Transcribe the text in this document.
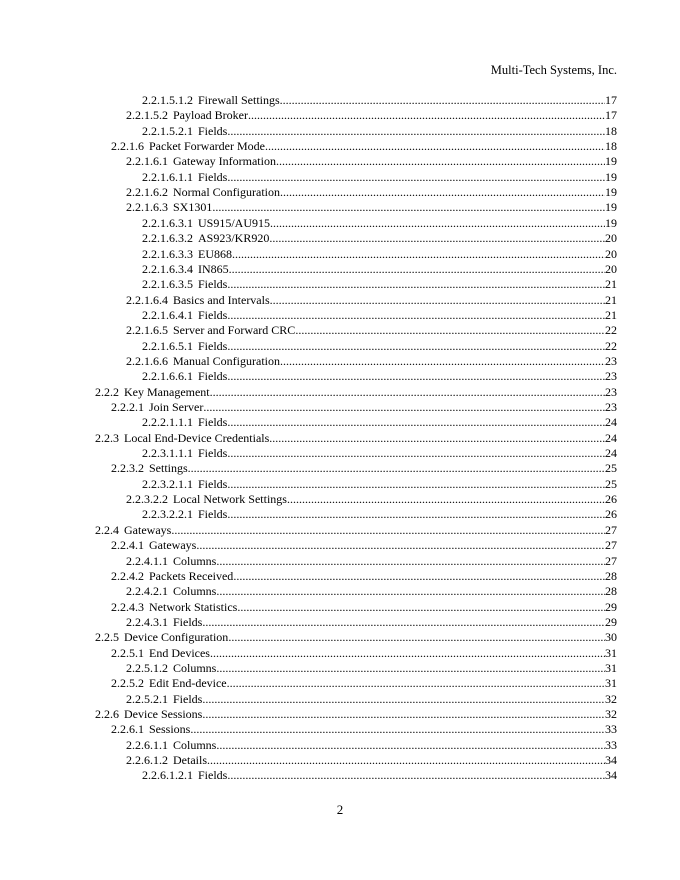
Multi-Tech Systems, Inc.
2.2.1.5.1.2 Firewall Settings .....	17
2.2.1.5.2 Payload Broker .....	17
2.2.1.5.2.1 Fields .....	18
2.2.1.6 Packet Forwarder Mode .....	18
2.2.1.6.1 Gateway Information .....	19
2.2.1.6.1.1 Fields .....	19
2.2.1.6.2 Normal Configuration .....	19
2.2.1.6.3 SX1301 .....	19
2.2.1.6.3.1 US915/AU915 .....	19
2.2.1.6.3.2 AS923/KR920 .....	20
2.2.1.6.3.3 EU868 .....	20
2.2.1.6.3.4 IN865 .....	20
2.2.1.6.3.5 Fields .....	21
2.2.1.6.4 Basics and Intervals .....	21
2.2.1.6.4.1 Fields .....	21
2.2.1.6.5 Server and Forward CRC .....	22
2.2.1.6.5.1 Fields .....	22
2.2.1.6.6 Manual Configuration .....	23
2.2.1.6.6.1 Fields .....	23
2.2.2 Key Management .....	23
2.2.2.1 Join Server .....	23
2.2.2.1.1.1 Fields .....	24
2.2.3 Local End-Device Credentials .....	24
2.2.3.1.1.1 Fields .....	24
2.2.3.2 Settings .....	25
2.2.3.2.1.1 Fields .....	25
2.2.3.2.2 Local Network Settings .....	26
2.2.3.2.2.1 Fields .....	26
2.2.4 Gateways .....	27
2.2.4.1 Gateways .....	27
2.2.4.1.1 Columns .....	27
2.2.4.2 Packets Received .....	28
2.2.4.2.1 Columns .....	28
2.2.4.3 Network Statistics .....	29
2.2.4.3.1 Fields .....	29
2.2.5 Device Configuration .....	30
2.2.5.1 End Devices .....	31
2.2.5.1.2 Columns .....	31
2.2.5.2 Edit End-device .....	31
2.2.5.2.1 Fields .....	32
2.2.6 Device Sessions .....	32
2.2.6.1 Sessions .....	33
2.2.6.1.1 Columns .....	33
2.2.6.1.2 Details .....	34
2.2.6.1.2.1 Fields .....	34
2
